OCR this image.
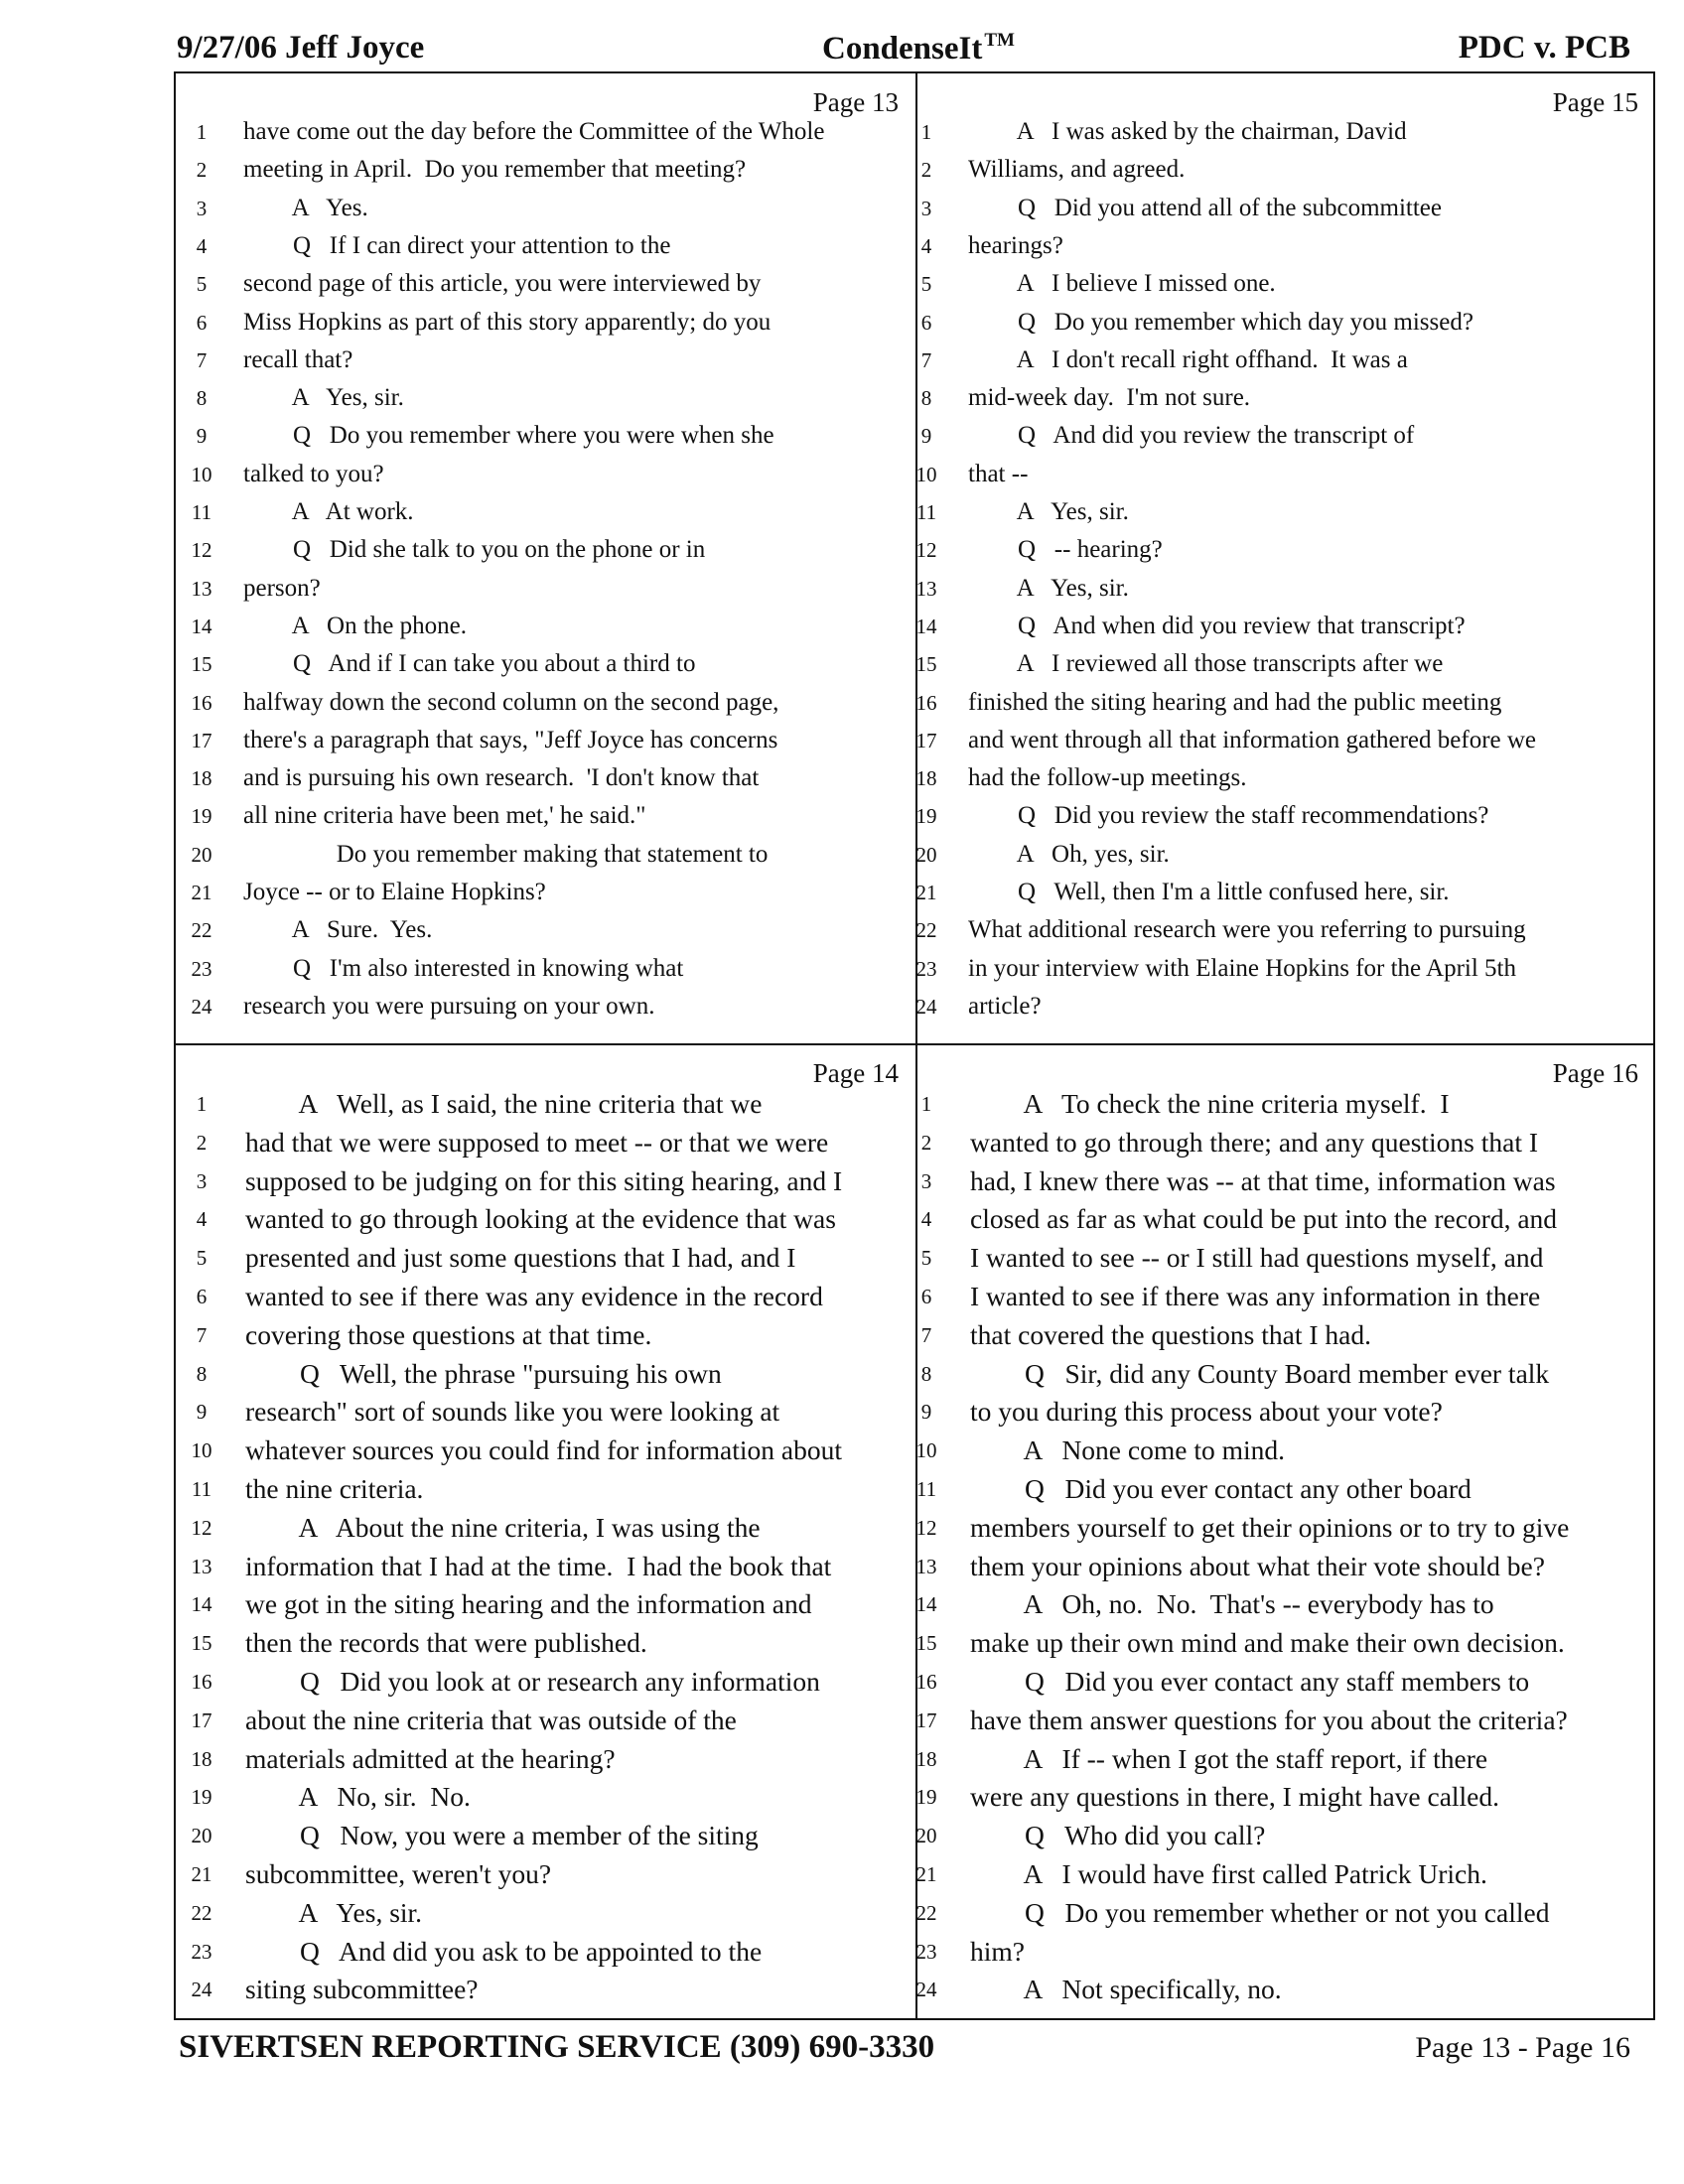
9/27/06 Jeff Joyce	CondenseIt ™	PDC v. PCB
Page 13
1	have come out the day before the Committee of the Whole
2	meeting in April.  Do you remember that meeting?
3	A   Yes.
4	Q   If I can direct your attention to the
5	second page of this article, you were interviewed by
6	Miss Hopkins as part of this story apparently; do you
7	recall that?
8	A   Yes, sir.
9	Q   Do you remember where you were when she
10	talked to you?
11	A   At work.
12	Q   Did she talk to you on the phone or in
13	person?
14	A   On the phone.
15	Q   And if I can take you about a third to
16	halfway down the second column on the second page,
17	there's a paragraph that says, "Jeff Joyce has concerns
18	and is pursuing his own research.  'I don't know that
19	all nine criteria have been met,' he said."
20	Do you remember making that statement to
21	Joyce -- or to Elaine Hopkins?
22	A   Sure.  Yes.
23	Q   I'm also interested in knowing what
24	research you were pursuing on your own.
Page 15
1	A   I was asked by the chairman, David
2	Williams, and agreed.
3	Q   Did you attend all of the subcommittee
4	hearings?
5	A   I believe I missed one.
6	Q   Do you remember which day you missed?
7	A   I don't recall right offhand.  It was a
8	mid-week day.  I'm not sure.
9	Q   And did you review the transcript of
10	that --
11	A   Yes, sir.
12	Q   -- hearing?
13	A   Yes, sir.
14	Q   And when did you review that transcript?
15	A   I reviewed all those transcripts after we
16	finished the siting hearing and had the public meeting
17	and went through all that information gathered before we
18	had the follow-up meetings.
19	Q   Did you review the staff recommendations?
20	A   Oh, yes, sir.
21	Q   Well, then I'm a little confused here, sir.
22	What additional research were you referring to pursuing
23	in your interview with Elaine Hopkins for the April 5th
24	article?
Page 14
1	A   Well, as I said, the nine criteria that we
2	had that we were supposed to meet -- or that we were
3	supposed to be judging on for this siting hearing, and I
4	wanted to go through looking at the evidence that was
5	presented and just some questions that I had, and I
6	wanted to see if there was any evidence in the record
7	covering those questions at that time.
8	Q   Well, the phrase "pursuing his own
9	research" sort of sounds like you were looking at
10 whatever sources you could find for information about
11 the nine criteria.
12 A   About the nine criteria, I was using the
13 information that I had at the time.  I had the book that
14 we got in the siting hearing and the information and
15 then the records that were published.
16 Q   Did you look at or research any information
17 about the nine criteria that was outside of the
18 materials admitted at the hearing?
19 A   No, sir.  No.
20 Q   Now, you were a member of the siting
21 subcommittee, weren't you?
22 A   Yes, sir.
23 Q   And did you ask to be appointed to the
24 siting subcommittee?
Page 16
1	A   To check the nine criteria myself.  I
2	wanted to go through there; and any questions that I
3	had, I knew there was -- at that time, information was
4	closed as far as what could be put into the record, and
5	I wanted to see -- or I still had questions myself, and
6	I wanted to see if there was any information in there
7	that covered the questions that I had.
8	Q   Sir, did any County Board member ever talk
9	to you during this process about your vote?
10 A   None come to mind.
11 Q   Did you ever contact any other board
12 members yourself to get their opinions or to try to give
13 them your opinions about what their vote should be?
14 A   Oh, no.  No.  That's -- everybody has to
15 make up their own mind and make their own decision.
16 Q   Did you ever contact any staff members to
17 have them answer questions for you about the criteria?
18 A   If -- when I got the staff report, if there
19 were any questions in there, I might have called.
20 Q   Who did you call?
21 A   I would have first called Patrick Urich.
22 Q   Do you remember whether or not you called
23 him?
24 A   Not specifically, no.
SIVERTSEN REPORTING SERVICE (309) 690-3330	Page 13 - Page 16
